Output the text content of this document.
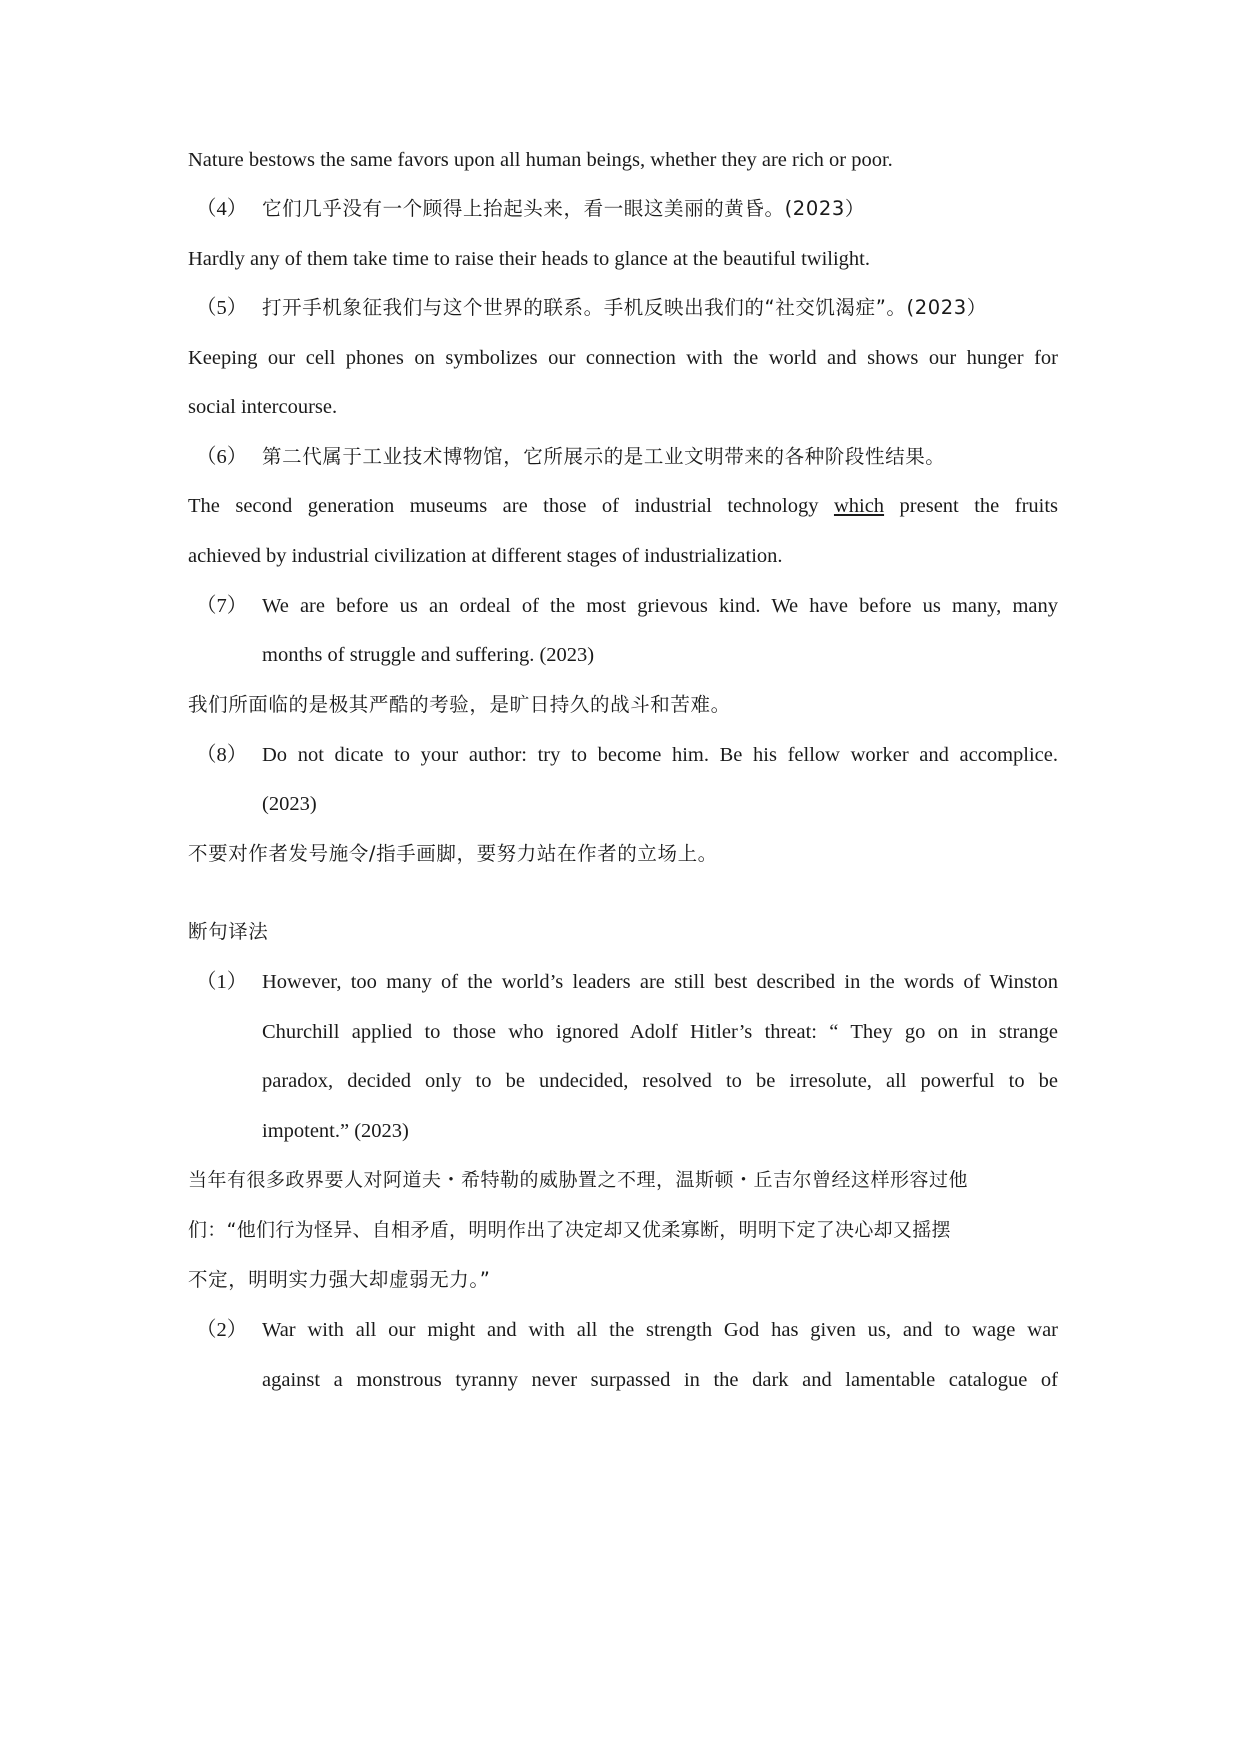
Nature bestows the same favors upon all human beings, whether they are rich or poor.
（4） 它们几乎没有一个顾得上抬起头来，看一眼这美丽的黄昏。(2023）
Hardly any of them take time to raise their heads to glance at the beautiful twilight.
（5） 打开手机象征我们与这个世界的联系。手机反映出我们的“社交饥渴症”。(2023）
Keeping our cell phones on symbolizes our connection with the world and shows our hunger for
social intercourse.
（6） 第二代属于工业技术博物馆，它所展示的是工业文明带来的各种阶段性结果。
The second generation museums are those of industrial technology which present the fruits
achieved by industrial civilization at different stages of industrialization.
（7） We are before us an ordeal of the most grievous kind. We have before us many, many
months of struggle and suffering. (2023)
我们所面临的是极其严酷的考验，是旷日持久的战斗和苦难。
（8） Do not dicate to your author: try to become him. Be his fellow worker and accomplice.
(2023)
不要对作者发号施令/指手画脚，要努力站在作者的立场上。
断句译法
（1） However, too many of the world’s leaders are still best described in the words of Winston
Churchill applied to those who ignored Adolf Hitler’s threat: “ They go on in strange
paradox, decided only to be undecided, resolved to be irresolute, all powerful to be
impotent.” (2023)
当年有很多政界要人对阿道夫・希特勒的威胁置之不理，温斯顿・丘吉尔曾经这样形容过他
们：“他们行为怪异、自相矛盾，明明作出了决定却又优柔寡断，明明下定了决心却又摇摆
不定，明明实力强大却虚弱无力。”
（2） War with all our might and with all the strength God has given us, and to wage war
against a monstrous tyranny never surpassed in the dark and lamentable catalogue of
